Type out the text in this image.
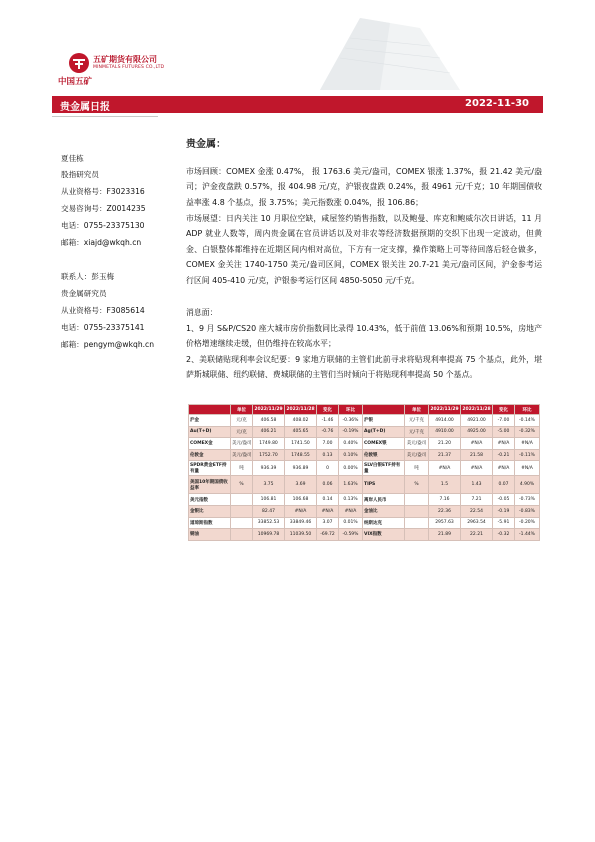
五矿期货有限公司
MINMETALS FUTURES CO.,LTD
中国五矿
贵金属日报	2022-11-30
夏佳栋
股指研究员
从业资格号：F3023316
交易咨询号：Z0014235
电话：0755-23375130
邮箱：xiajd@wkqh.cn
联系人：彭玉梅
贵金属研究员
从业资格号：F3085614
电话：0755-23375141
邮箱：pengym@wkqh.cn
贵金属：
市场回顾：COMEX 金涨 0.47%， 报 1763.6 美元/盎司，COMEX 银涨 1.37%，报 21.42 美元/盎司；沪金夜盘跌 0.57%，报 404.98 元/克，沪银夜盘跌 0.24%，报 4961 元/千克；10 年期国债收益率涨 4.8 个基点，报 3.75%；美元指数涨 0.04%，报 106.86；
市场展望：日内关注 10 月职位空缺，咸屋签约销售指数，以及鲍曼、库克和鲍威尔次日讲话，11 月 ADP 就业人数等，周内贵金属在官员讲话以及对非农等经济数据预期的交织下出现一定波动，但黄金、白银整体都维持在近期区间内相对高位，下方有一定支撑，操作策略上可等待回落后轻仓做多，COMEX 金关注 1740-1750 美元/盎司区间，COMEX 银关注 20.7-21 美元/盎司区间，沪金参考运行区间 405-410 元/克，沪银参考运行区间 4850-5050 元/千克。
消息面：
1、9 月 S&P/CS20 座大城市房价指数同比录得 10.43%，低于前值 13.06%和预期 10.5%，房地产价格增速继续走缓，但仍维持在较高水平；
2、美联储贴现利率会议纪要：9 家地方联储的主管们此前寻求将贴现利率提高 75 个基点，此外，堪萨斯城联储、纽约联储、费城联储的主管们当时倾向于将贴现利率提高 50 个基点。
	单位	2022/11/29	2022/11/28	变化	环比		单位	2022/11/29	2022/11/28	变化	环比
沪金	元/克	406.58	408.02	-1.46	-0.36%	沪银	元/千克	4914.00	4921.00	-7.00	-0.14%
Au(T+D)	元/克	406.21	405.65	-0.76	-0.19%	Ag(T+D)	元/千克	4910.00	4925.00	-5.00	-0.32%
COMEX金	美元/盎司	1749.80	1741.50	7.00	0.40%	COMEX银	美元/盎司	21.20	#N/A	#N/A	#N/A
伦敦金	美元/盎司	1752.70	1748.55	0.13	0.10%	伦敦银	美元/盎司	21.37	21.58	-0.21	-0.11%
SPDR黄金ETF持有量	吨	936.39	936.89	0	0.00%	SLV白银ETF持有量	吨	#N/A	#N/A	#N/A	#N/A
美国10年期国债收益率	%	3.75	3.69	0.06	1.63%	TIPS	%	1.5	1.43	0.07	4.90%
美元指数		106.81	106.68	0.14	0.13%	离岸人民币		7.16	7.21	-0.05	-0.73%
金银比		82.47	#N/A	#N/A	#N/A	金油比		22.36	22.54	-0.19	-0.83%
道琼斯指数		33852.53	33849.46	3.07	0.01%	纳斯达克		2957.63	2963.54	-5.91	-0.20%
铜油		10969.78	11039.50	-69.72	-0.59%	VIX指数		21.89	22.21	-0.32	-1.44%
